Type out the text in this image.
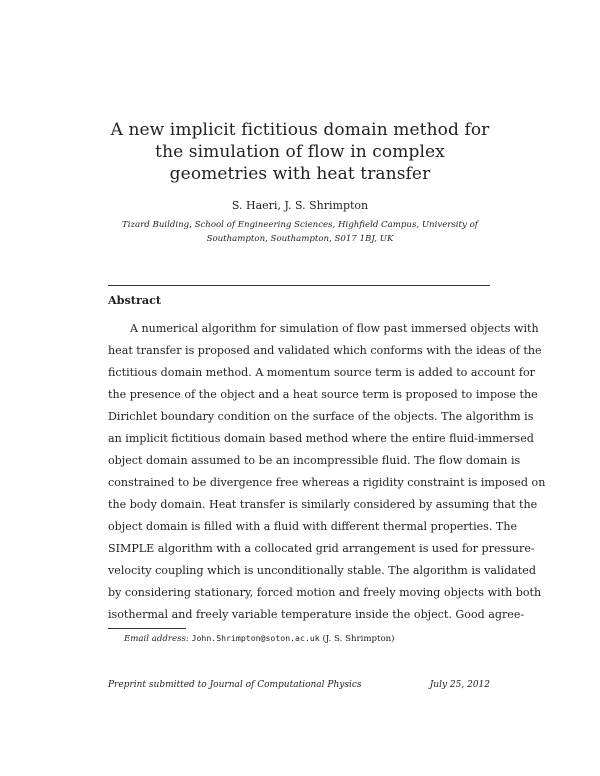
A new implicit fictitious domain method for the simulation of flow in complex geometries with heat transfer
S. Haeri, J. S. Shrimpton
Tizard Building, School of Engineering Sciences, Highfield Campus, University of Southampton, Southampton, S017 1BJ, UK
Abstract
A numerical algorithm for simulation of flow past immersed objects with
heat transfer is proposed and validated which conforms with the ideas of the
fictitious domain method. A momentum source term is added to account for
the presence of the object and a heat source term is proposed to impose the
Dirichlet boundary condition on the surface of the objects. The algorithm is
an implicit fictitious domain based method where the entire fluid-immersed
object domain assumed to be an incompressible fluid. The flow domain is
constrained to be divergence free whereas a rigidity constraint is imposed on
the body domain. Heat transfer is similarly considered by assuming that the
object domain is filled with a fluid with different thermal properties. The
SIMPLE algorithm with a collocated grid arrangement is used for pressure-
velocity coupling which is unconditionally stable. The algorithm is validated
by considering stationary, forced motion and freely moving objects with both
isothermal and freely variable temperature inside the object. Good agree-
Email address: John.Shrimpton@soton.ac.uk (J. S. Shrimpton)
Preprint submitted to Journal of Computational Physics	July 25, 2012
